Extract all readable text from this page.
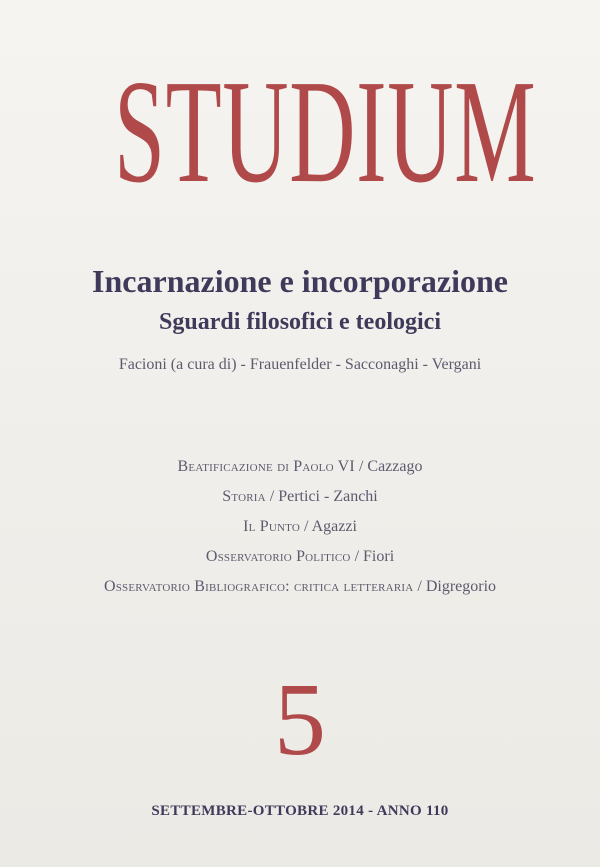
STUDIUM
Incarnazione e incorporazione
Sguardi filosofici e teologici
Facioni (a cura di) - Frauenfelder - Sacconaghi - Vergani
Beatificazione di Paolo VI / Cazzago
Storia / Pertici - Zanchi
Il Punto / Agazzi
Osservatorio Politico / Fiori
Osservatorio Bibliografico: critica letteraria / Digregorio
5
SETTEMBRE-OTTOBRE 2014 - ANNO 110
